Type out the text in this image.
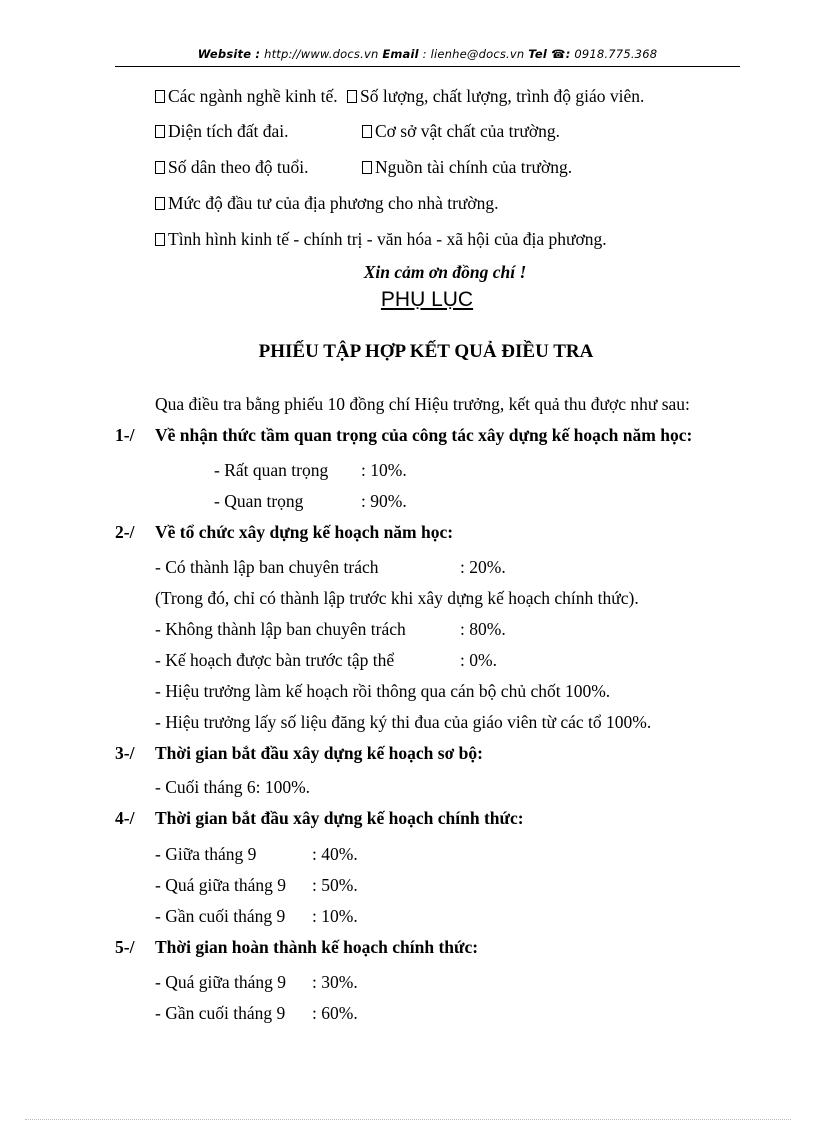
Website : http://www.docs.vn Email : lienhe@docs.vn Tel ☎: 0918.775.368
Các ngành nghề kinh tế. Số lượng, chất lượng, trình độ giáo viên.
Diện tích đất đai.	Cơ sở vật chất của trường.
Số dân theo độ tuổi.	Nguồn tài chính của trường.
Mức độ đầu tư của địa phương cho nhà trường.
Tình hình kinh tế - chính trị - văn hóa - xã hội của địa phương.
Xin cảm ơn đồng chí !
PHỤ LỤC
PHIẾU TẬP HỢP KẾT QUẢ ĐIỀU TRA
Qua điều tra bằng phiếu 10 đồng chí Hiệu trưởng, kết quả thu được như sau:
1-/ Về nhận thức tầm quan trọng của công tác xây dựng kế hoạch năm học:
- Rất quan trọng : 10%.
- Quan trọng	: 90%.
2-/ Về tổ chức xây dựng kế hoạch năm học:
- Có thành lập ban chuyên trách	: 20%.
(Trong đó, chỉ có thành lập trước khi xây dựng kế hoạch chính thức).
- Không thành lập ban chuyên trách	: 80%.
- Kế hoạch được bàn trước tập thể	: 0%.
- Hiệu trưởng làm kế hoạch rồi thông qua cán bộ chủ chốt 100%.
- Hiệu trưởng lấy số liệu đăng ký thi đua của giáo viên từ các tổ 100%.
3-/ Thời gian bắt đầu xây dựng kế hoạch sơ bộ:
- Cuối tháng 6: 100%.
4-/ Thời gian bắt đầu xây dựng kế hoạch chính thức:
- Giữa tháng 9	: 40%.
- Quá giữa tháng 9 : 50%.
- Gần cuối tháng 9 : 10%.
5-/ Thời gian hoàn thành kế hoạch chính thức:
- Quá giữa tháng 9 : 30%.
- Gần cuối tháng 9 : 60%.
